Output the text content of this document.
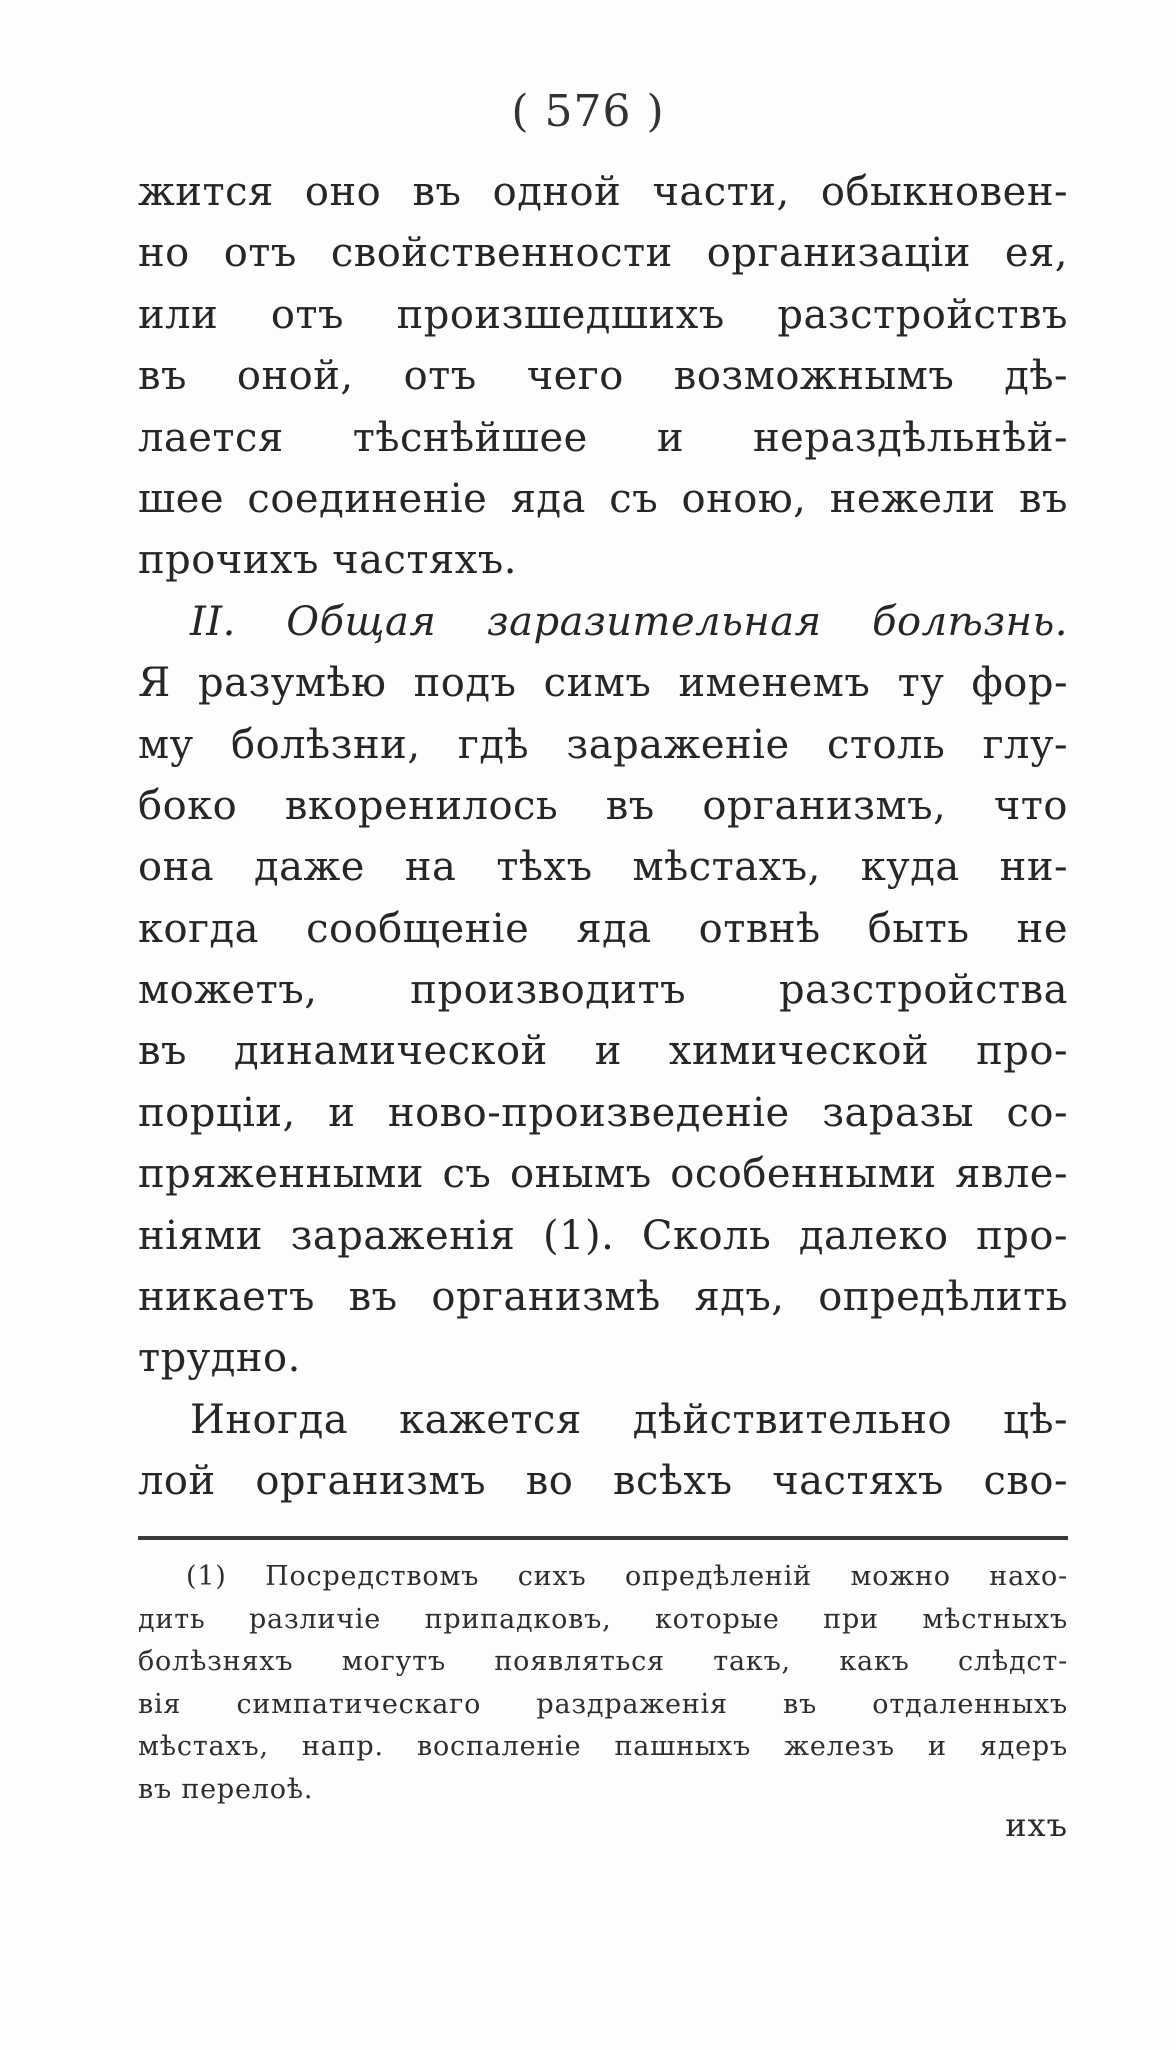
( 576 )
жится оно въ одной части, обыкновен-
но отъ свойственности организаціи ея,
или отъ произшедшихъ разстройствъ
въ оной, отъ чего возможнымъ дѣ-
лается тѣснѣйшее и нераздѣльнѣй-
шее соединеніе яда съ оною, нежели въ
прочихъ частяхъ.
II. Общая заразительная болѣзнь.
Я разумѣю подъ симъ именемъ ту фор-
му болѣзни, гдѣ зараженіе столь глу-
боко вкоренилось въ организмъ, что
она даже на тѣхъ мѣстахъ, куда ни-
когда сообщеніе яда отвнѣ быть не
можетъ, производитъ разстройства
въ динамической и химической про-
порціи, и ново-произведеніе заразы со-
пряженными съ онымъ особенными явле-
ніями зараженія (1). Сколь далеко про-
никаетъ въ организмѣ ядъ, опредѣлить
трудно.
Иногда кажется дѣйствительно цѣ-
лой организмъ во всѣхъ частяхъ сво-
(1) Посредствомъ сихъ опредѣленій можно нахо-
дить различіе припадковъ, которые при мѣстныхъ
болѣзняхъ могутъ появляться такъ, какъ слѣдст-
вія симпатическаго раздраженія въ отдаленныхъ
мѣстахъ, напр. воспаленіе пашныхъ железъ и ядеръ
въ перелоѣ.
ихъ
